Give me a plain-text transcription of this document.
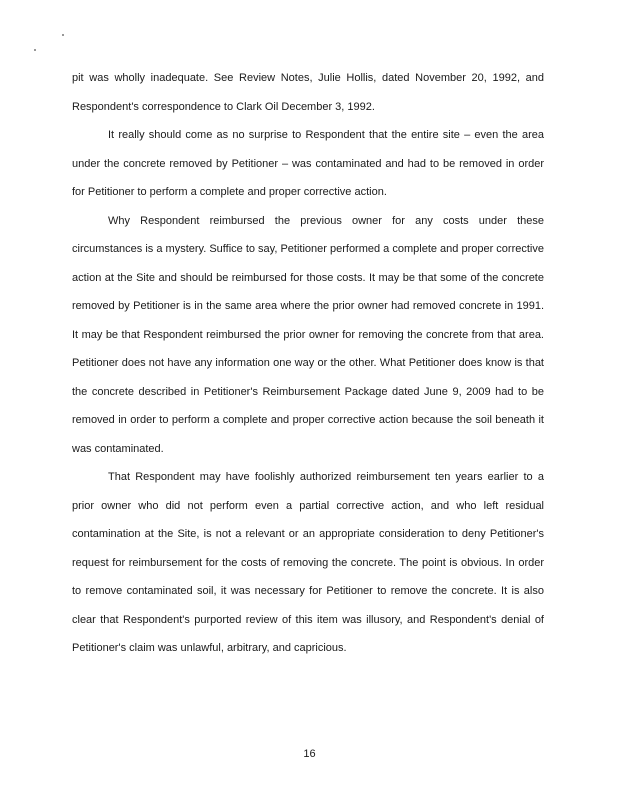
pit was wholly inadequate. See Review Notes, Julie Hollis, dated November 20, 1992, and Respondent's correspondence to Clark Oil December 3, 1992.

It really should come as no surprise to Respondent that the entire site – even the area under the concrete removed by Petitioner – was contaminated and had to be removed in order for Petitioner to perform a complete and proper corrective action.

Why Respondent reimbursed the previous owner for any costs under these circumstances is a mystery. Suffice to say, Petitioner performed a complete and proper corrective action at the Site and should be reimbursed for those costs. It may be that some of the concrete removed by Petitioner is in the same area where the prior owner had removed concrete in 1991. It may be that Respondent reimbursed the prior owner for removing the concrete from that area. Petitioner does not have any information one way or the other. What Petitioner does know is that the concrete described in Petitioner's Reimbursement Package dated June 9, 2009 had to be removed in order to perform a complete and proper corrective action because the soil beneath it was contaminated.

That Respondent may have foolishly authorized reimbursement ten years earlier to a prior owner who did not perform even a partial corrective action, and who left residual contamination at the Site, is not a relevant or an appropriate consideration to deny Petitioner's request for reimbursement for the costs of removing the concrete. The point is obvious. In order to remove contaminated soil, it was necessary for Petitioner to remove the concrete. It is also clear that Respondent's purported review of this item was illusory, and Respondent's denial of Petitioner's claim was unlawful, arbitrary, and capricious.

16
